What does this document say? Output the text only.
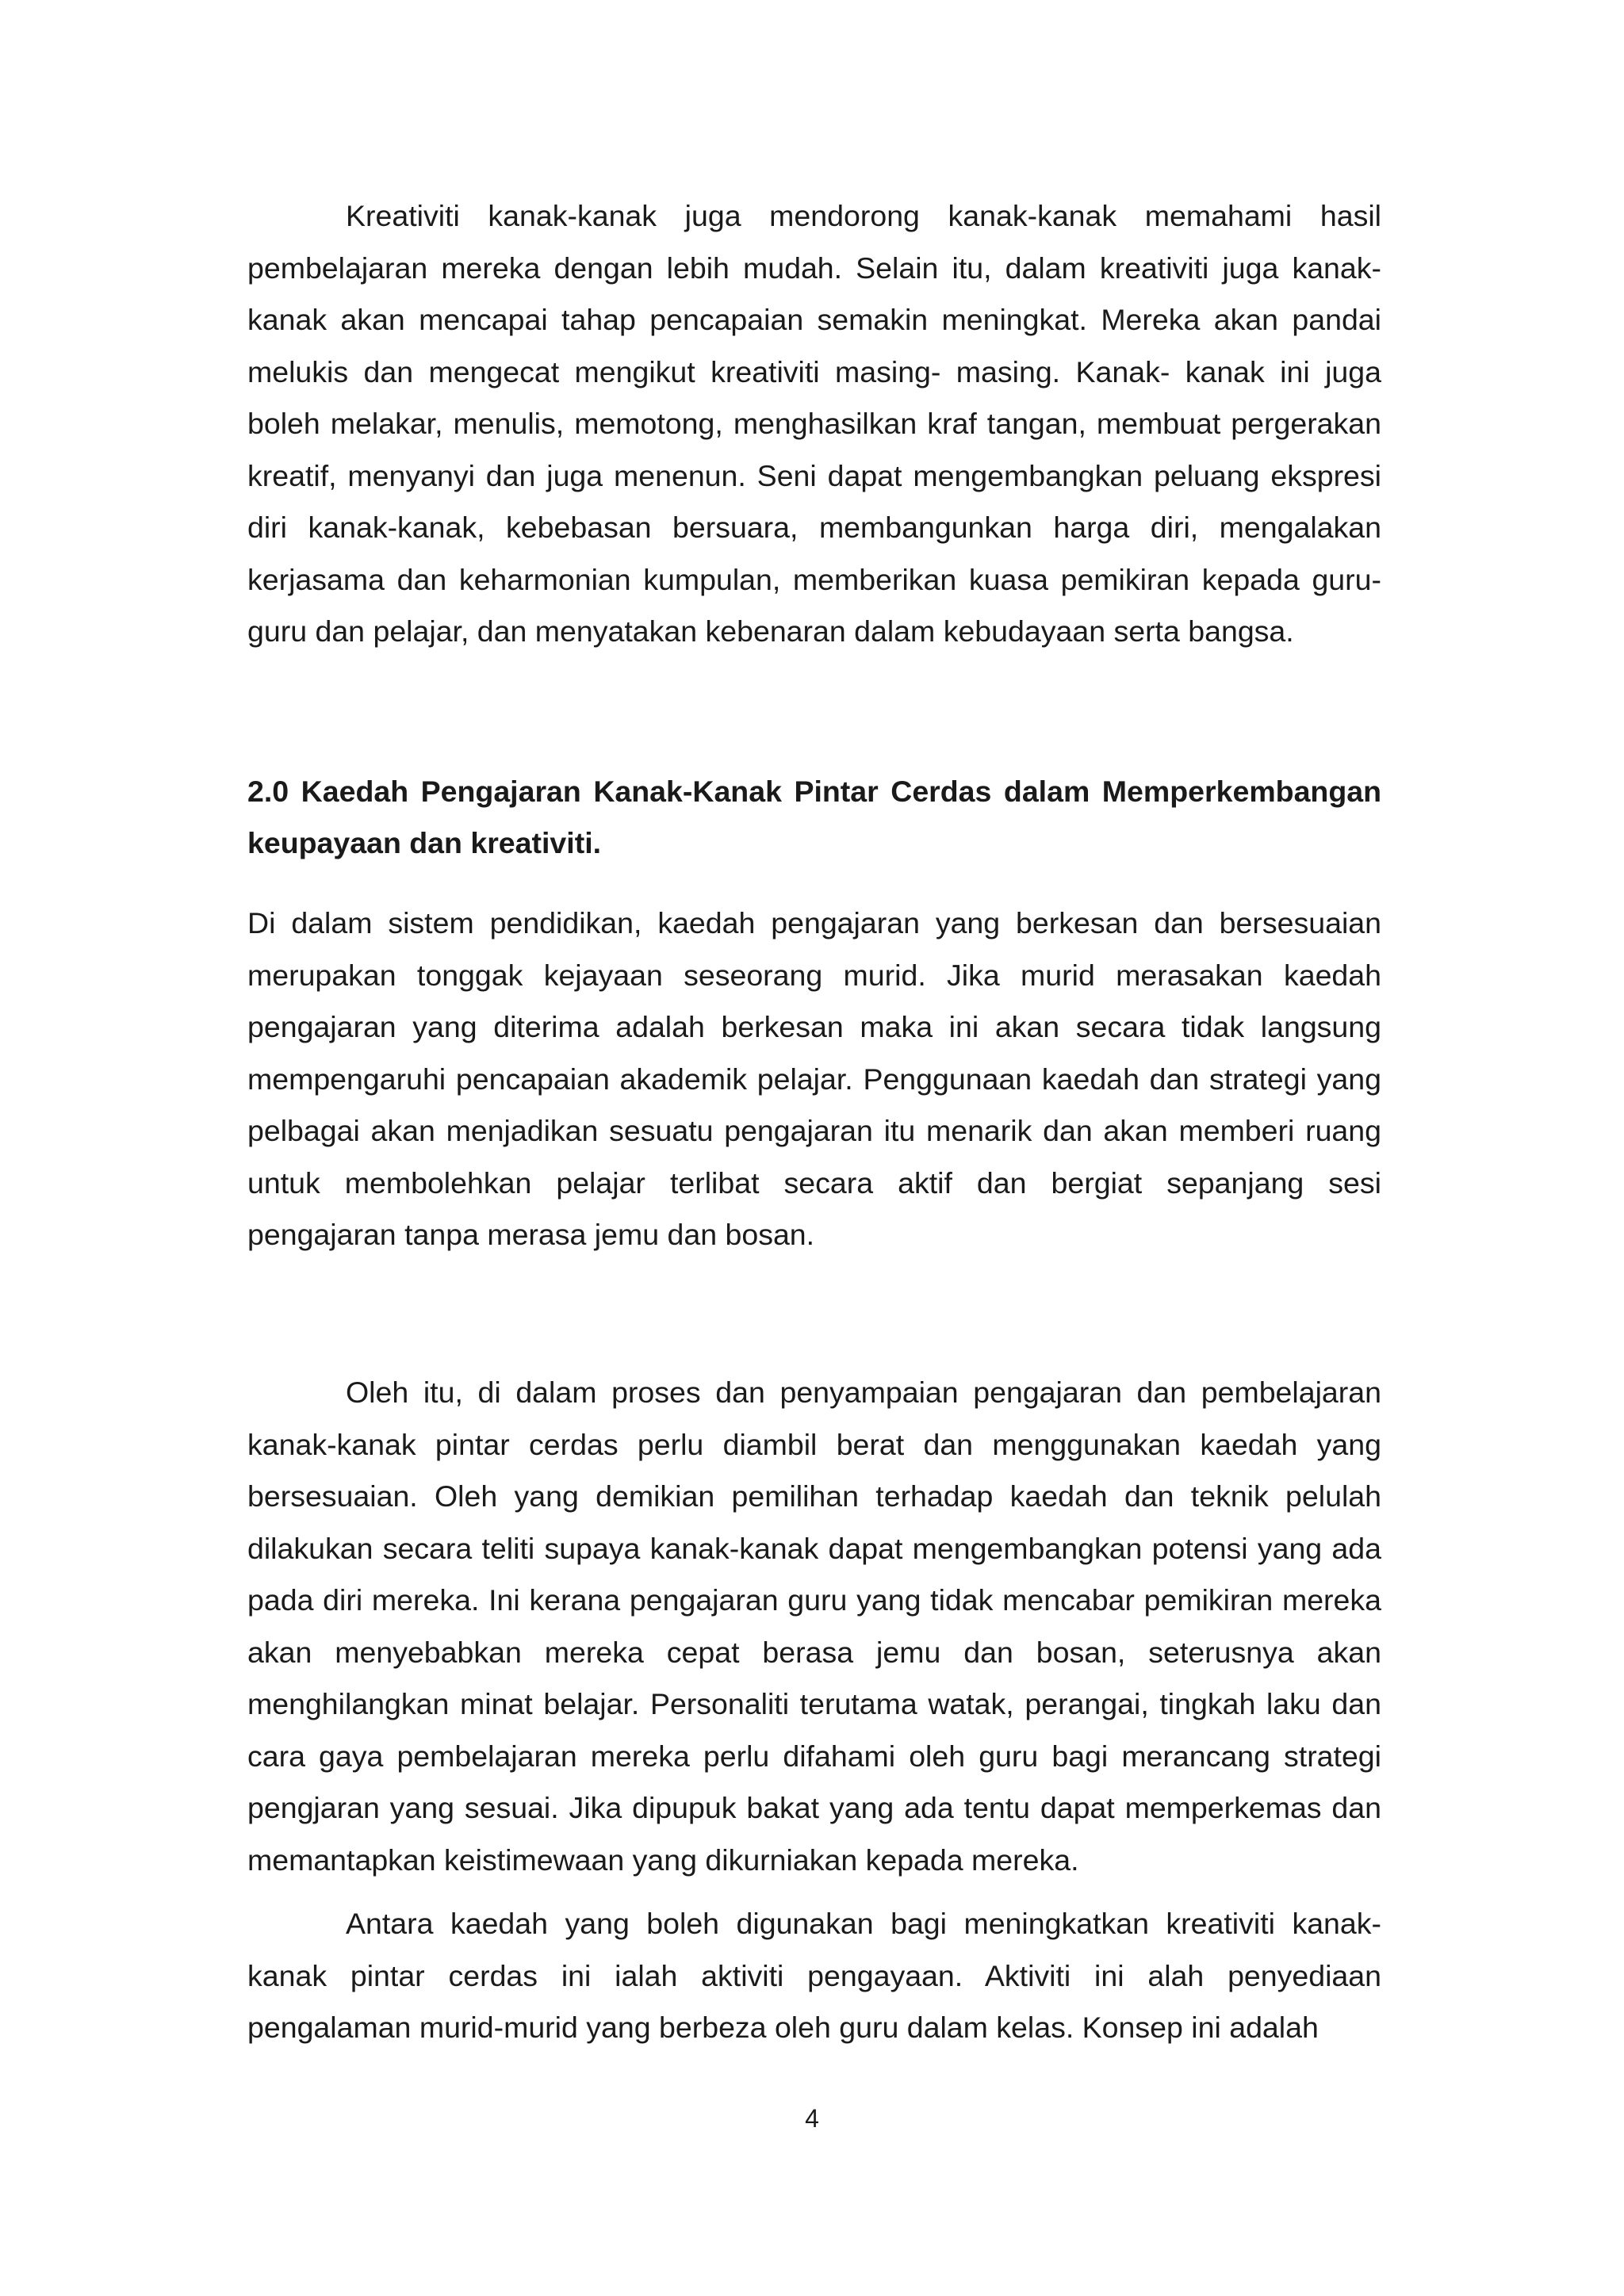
Kreativiti kanak-kanak juga mendorong kanak-kanak memahami hasil pembelajaran mereka dengan lebih mudah. Selain itu, dalam kreativiti juga kanak-kanak akan mencapai tahap pencapaian semakin meningkat. Mereka akan pandai melukis dan mengecat mengikut kreativiti masing- masing. Kanak- kanak ini juga boleh melakar, menulis, memotong, menghasilkan kraf tangan, membuat pergerakan kreatif, menyanyi dan juga menenun. Seni dapat mengembangkan peluang ekspresi diri kanak-kanak, kebebasan bersuara, membangunkan harga diri, mengalakan kerjasama dan keharmonian kumpulan, memberikan kuasa pemikiran kepada guru-guru dan pelajar, dan menyatakan kebenaran dalam kebudayaan serta bangsa.

2.0 Kaedah Pengajaran Kanak-Kanak Pintar Cerdas dalam Memperkembangan keupayaan dan kreativiti.

Di dalam sistem pendidikan, kaedah pengajaran yang berkesan dan bersesuaian merupakan tonggak kejayaan seseorang murid. Jika murid merasakan kaedah pengajaran yang diterima adalah berkesan maka ini akan secara tidak langsung mempengaruhi pencapaian akademik pelajar. Penggunaan kaedah dan strategi yang pelbagai akan menjadikan sesuatu pengajaran itu menarik dan akan memberi ruang untuk membolehkan pelajar terlibat secara aktif dan bergiat sepanjang sesi pengajaran tanpa merasa jemu dan bosan.

Oleh itu, di dalam proses dan penyampaian pengajaran dan pembelajaran kanak-kanak pintar cerdas perlu diambil berat dan menggunakan kaedah yang bersesuaian. Oleh yang demikian pemilihan terhadap kaedah dan teknik pelulah dilakukan secara teliti supaya kanak-kanak dapat mengembangkan potensi yang ada pada diri mereka. Ini kerana pengajaran guru yang tidak mencabar pemikiran mereka akan menyebabkan mereka cepat berasa jemu dan bosan, seterusnya akan menghilangkan minat belajar. Personaliti terutama watak, perangai, tingkah laku dan cara gaya pembelajaran mereka perlu difahami oleh guru bagi merancang strategi pengjaran yang sesuai. Jika dipupuk bakat yang ada tentu dapat memperkemas dan memantapkan keistimewaan yang dikurniakan kepada mereka.

Antara kaedah yang boleh digunakan bagi meningkatkan kreativiti kanak-kanak pintar cerdas ini ialah aktiviti pengayaan. Aktiviti ini alah penyediaan pengalaman murid-murid yang berbeza oleh guru dalam kelas. Konsep ini adalah

4
